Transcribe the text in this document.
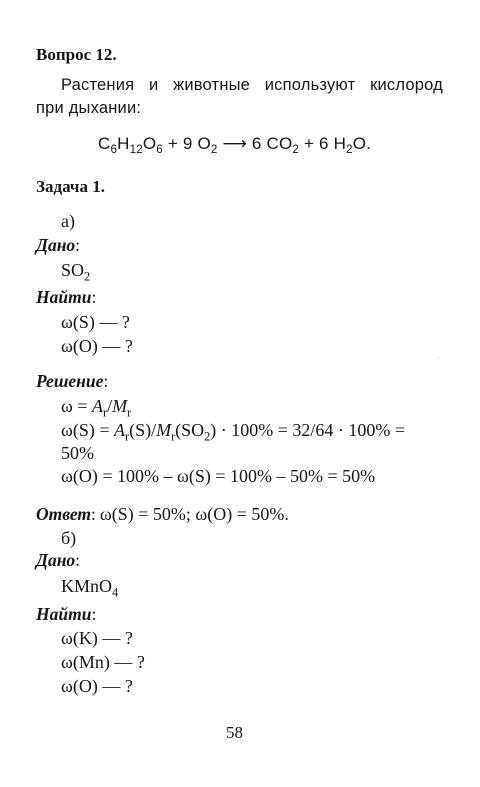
Вопрос 12.
Растения и животные используют кислород
при дыхании:
$C_6H_{12}O_6 + 9$ $O_2$ ⟶ 6 $CO_2 + 6$ $H_2O$.
Задача 1.
а)
Дано:
$SO_2$
Найти:
ω(S) — ?
ω(O) — ?
Решение:
$\omega = A_r/M_r$
$\omega(S) = A_r(S)/M_r(SO_2) \cdot 100\% = 32/64 \cdot 100\%$ =
50%
ω(O) = 100% – ω(S) = 100% – 50% = 50%
Ответ: ω(S) = 50%; ω(O) = 50%.
б)
Дано:
KMnO$_4$
Найти:
ω(K) — ?
ω(Mn) — ?
ω(O) — ?
58
